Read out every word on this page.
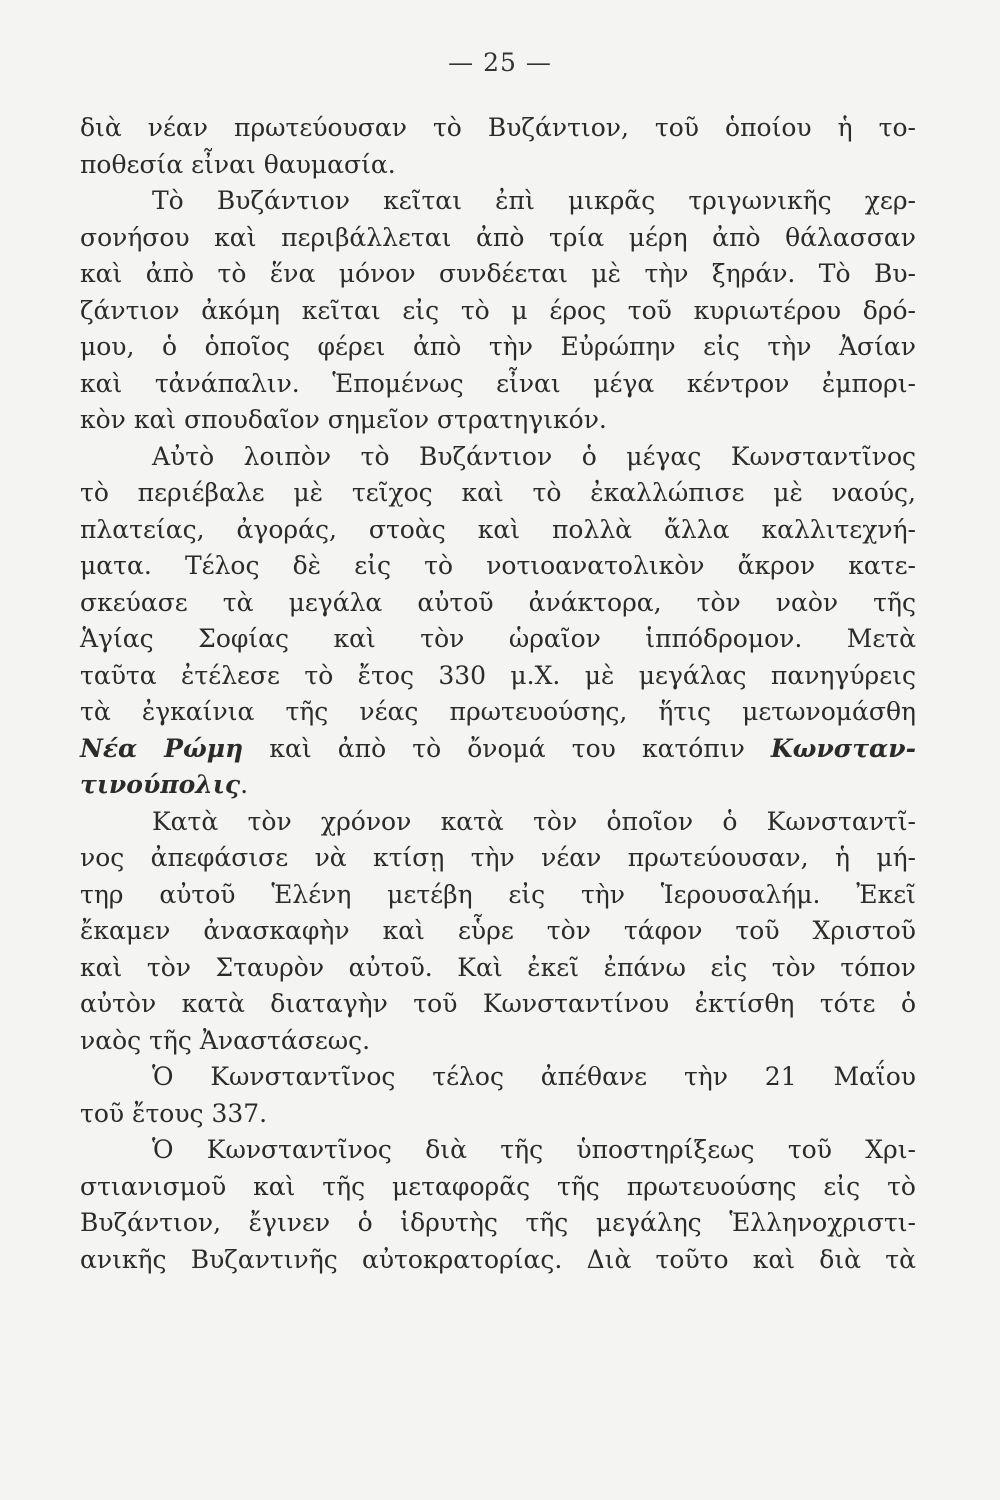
— 25 —
διὰ νέαν πρωτεύουσαν τὸ Βυζάντιον, τοῦ ὁποίου ἡ το-
ποθεσία εἶναι θαυμασία.
Τὸ Βυζάντιον κεῖται ἐπὶ μικρᾶς τριγωνικῆς χερ-
σονήσου καὶ περιβάλλεται ἀπὸ τρία μέρη ἀπὸ θάλασσαν
καὶ ἀπὸ τὸ ἕνα μόνον συνδέεται μὲ τὴν ξηράν. Τὸ Βυ-
ζάντιον ἀκόμη κεῖται εἰς τὸ μ έρος τοῦ κυριωτέρου δρό-
μου, ὁ ὁποῖος φέρει ἀπὸ τὴν Εὐρώπην εἰς τὴν Ἀσίαν
καὶ τἀνάπαλιν. Ἑπομένως εἶναι μέγα κέντρον ἐμπορι-
κὸν καὶ σπουδαῖον σημεῖον στρατηγικόν.
Αὐτὸ λοιπὸν τὸ Βυζάντιον ὁ μέγας Κωνσταντῖνος
τὸ περιέβαλε μὲ τεῖχος καὶ τὸ ἐκαλλώπισε μὲ ναούς,
πλατείας, ἀγοράς, στοὰς καὶ πολλὰ ἄλλα καλλιτεχνή-
ματα. Τέλος δὲ εἰς τὸ νοτιοανατολικὸν ἄκρον κατε-
σκεύασε τὰ μεγάλα αὐτοῦ ἀνάκτορα, τὸν ναὸν τῆς
Ἁγίας Σοφίας καὶ τὸν ὡραῖον ἱππόδρομον. Μετὰ
ταῦτα ἐτέλεσε τὸ ἔτος 330 μ.Χ. μὲ μεγάλας πανηγύρεις
τὰ ἐγκαίνια τῆς νέας πρωτευούσης, ἥτις μετωνομάσθη
Νέα Ρώμη καὶ ἀπὸ τὸ ὄνομά του κατόπιν Κωνσταν-
τινούπολις.
Κατὰ τὸν χρόνον κατὰ τὸν ὁποῖον ὁ Κωνσταντῖ-
νος ἀπεφάσισε νὰ κτίσῃ τὴν νέαν πρωτεύουσαν, ἡ μή-
τηρ αὐτοῦ Ἑλένη μετέβη εἰς τὴν Ἱερουσαλήμ. Ἐκεῖ
ἔκαμεν ἀνασκαφὴν καὶ εὗρε τὸν τάφον τοῦ Χριστοῦ
καὶ τὸν Σταυρὸν αὐτοῦ. Καὶ ἐκεῖ ἐπάνω εἰς τὸν τόπον
αὐτὸν κατὰ διαταγὴν τοῦ Κωνσταντίνου ἐκτίσθη τότε ὁ
ναὸς τῆς Ἀναστάσεως.
Ὁ Κωνσταντῖνος τέλος ἀπέθανε τὴν 21 Μαΐου
τοῦ ἔτους 337.
Ὁ Κωνσταντῖνος διὰ τῆς ὑποστηρίξεως τοῦ Χρι-
στιανισμοῦ καὶ τῆς μεταφορᾶς τῆς πρωτευούσης εἰς τὸ
Βυζάντιον, ἔγινεν ὁ ἱδρυτὴς τῆς μεγάλης Ἑλληνοχριστι-
ανικῆς Βυζαντινῆς αὐτοκρατορίας. Διὰ τοῦτο καὶ διὰ τὰ
